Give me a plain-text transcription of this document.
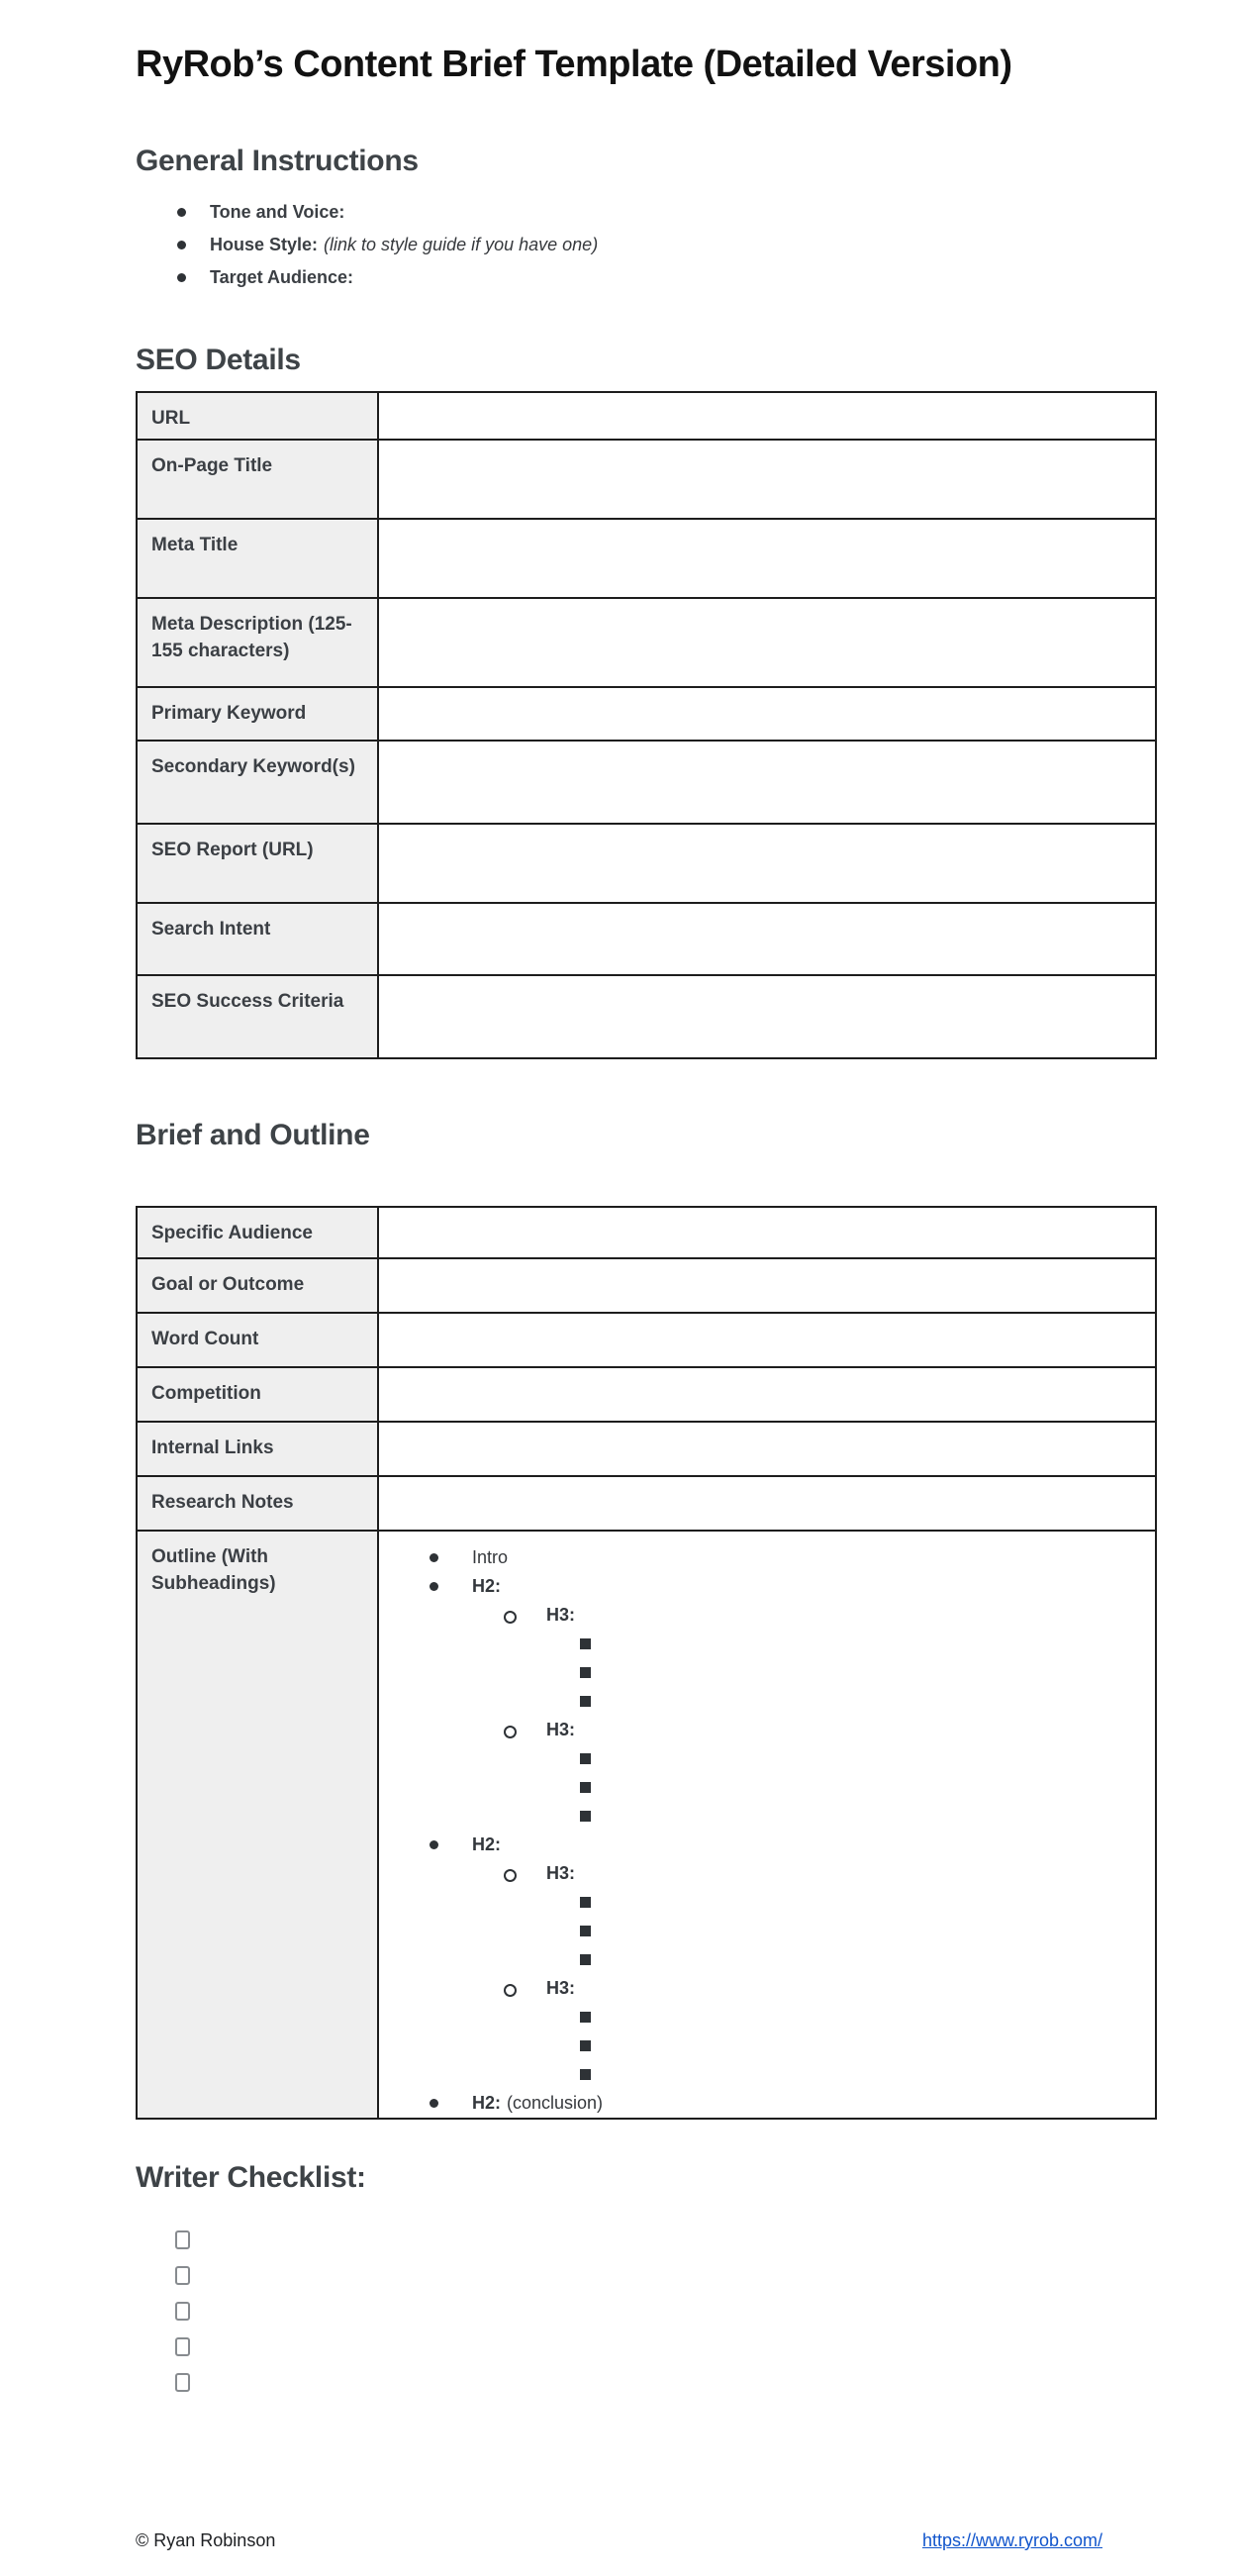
RyRob’s Content Brief Template (Detailed Version)
General Instructions
Tone and Voice:
House Style: (link to style guide if you have one)
Target Audience:
SEO Details
URL	
On-Page Title	
Meta Title	
Meta Description (125-155 characters)	
Primary Keyword	
Secondary Keyword(s)	
SEO Report (URL)	
Search Intent	
SEO Success Criteria	
Brief and Outline
Specific Audience	
Goal or Outcome	
Word Count	
Competition	
Internal Links	
Research Notes	
Outline (With Subheadings)	
Intro
H2:
H3:
H3:
H2:
H3:
H3:
H2: (conclusion)
Writer Checklist:
© Ryan Robinson	https://www.ryrob.com/
